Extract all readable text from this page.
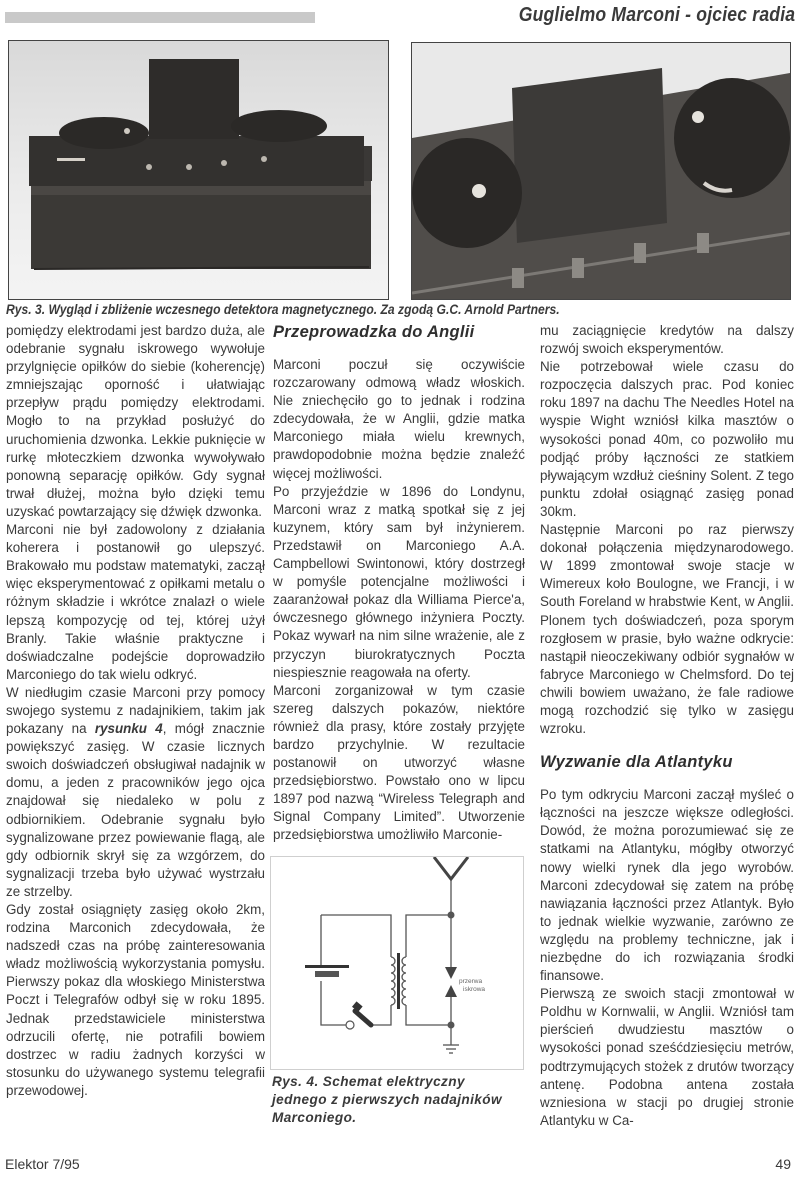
Guglielmo Marconi - ojciec radia
Rys. 3. Wygląd i zbliżenie wczesnego detektora magnetycznego. Za zgodą G.C. Arnold Partners.

pomiędzy elektrodami jest bardzo duża, ale odebranie sygnału iskrowego wywołuje przylgnięcie opiłków do siebie (koherencję) zmniejszając oporność i ułatwiając przepływ prądu pomiędzy elektrodami. Mogło to na przykład posłużyć do uruchomienia dzwonka. Lekkie puknięcie w rurkę młoteczkiem dzwonka wywoływało ponowną separację opiłków. Gdy sygnał trwał dłużej, można było dzięki temu uzyskać powtarzający się dźwięk dzwonka.

Marconi nie był zadowolony z działania koherera i postanowił go ulepszyć. Brakowało mu podstaw matematyki, zaczął więc eksperymentować z opiłkami metalu o różnym składzie i wkrótce znalazł o wiele lepszą kompozycję od tej, której użył Branly. Takie właśnie praktyczne i doświadczalne podejście doprowadziło Marconiego do tak wielu odkryć.

W niedługim czasie Marconi przy pomocy swojego systemu z nadajnikiem, takim jak pokazany na rysunku 4, mógł znacznie powiększyć zasięg. W czasie licznych swoich doświadczeń obsługiwał nadajnik w domu, a jeden z pracowników jego ojca znajdował się niedaleko w polu z odbiornikiem. Odebranie sygnału było sygnalizowane przez powiewanie flagą, ale gdy odbiornik skrył się za wzgórzem, do sygnalizacji trzeba było używać wystrzału ze strzelby.

Gdy został osiągnięty zasięg około 2km, rodzina Marconich zdecydowała, że nadszedł czas na próbę zainteresowania władz możliwością wykorzystania pomysłu. Pierwszy pokaz dla włoskiego Ministerstwa Poczt i Telegrafów odbył się w roku 1895. Jednak przedstawiciele ministerstwa odrzucili ofertę, nie potrafili bowiem dostrzec w radiu żadnych korzyści w stosunku do używanego systemu telegrafii przewodowej.

Przeprowadzka do Anglii

Marconi poczuł się oczywiście rozczarowany odmową władz włoskich. Nie zniechęciło go to jednak i rodzina zdecydowała, że w Anglii, gdzie matka Marconiego miała wielu krewnych, prawdopodobnie można będzie znaleźć więcej możliwości.

Po przyjeździe w 1896 do Londynu, Marconi wraz z matką spotkał się z jej kuzynem, który sam był inżynierem. Przedstawił on Marconiego A.A. Campbellowi Swintonowi, który dostrzegł w pomyśle potencjalne możliwości i zaaranżował pokaz dla Williama Pierce'a, ówczesnego głównego inżyniera Poczty. Pokaz wywarł na nim silne wrażenie, ale z przyczyn biurokratycznych Poczta niespiesznie reagowała na oferty.

Marconi zorganizował w tym czasie szereg dalszych pokazów, niektóre również dla prasy, które zostały przyjęte bardzo przychylnie. W rezultacie postanowił on utworzyć własne przedsiębiorstwo. Powstało ono w lipcu 1897 pod nazwą “Wireless Telegraph and Signal Company Limited”. Utworzenie przedsiębiorstwa umożliwiło Marconie-

przerwa
iskrowa
Rys. 4. Schemat elektryczny jednego z pierwszych nadajników Marconiego.

mu zaciągnięcie kredytów na dalszy rozwój swoich eksperymentów.

Nie potrzebował wiele czasu do rozpoczęcia dalszych prac. Pod koniec roku 1897 na dachu The Needles Hotel na wyspie Wight wzniósł kilka masztów o wysokości ponad 40m, co pozwoliło mu podjąć próby łączności ze statkiem pływającym wzdłuż cieśniny Solent. Z tego punktu zdołał osiągnąć zasięg ponad 30km.

Następnie Marconi po raz pierwszy dokonał połączenia międzynarodowego. W 1899 zmontował swoje stacje w Wimereux koło Boulogne, we Francji, i w South Foreland w hrabstwie Kent, w Anglii. Plonem tych doświadczeń, poza sporym rozgłosem w prasie, było ważne odkrycie: nastąpił nieoczekiwany odbiór sygnałów w fabryce Marconiego w Chelmsford. Do tej chwili bowiem uważano, że fale radiowe mogą rozchodzić się tylko w zasięgu wzroku.

Wyzwanie dla Atlantyku

Po tym odkryciu Marconi zaczął myśleć o łączności na jeszcze większe odległości. Dowód, że można porozumiewać się ze statkami na Atlantyku, mógłby otworzyć nowy wielki rynek dla jego wyrobów. Marconi zdecydował się zatem na próbę nawiązania łączności przez Atlantyk. Było to jednak wielkie wyzwanie, zarówno ze względu na problemy techniczne, jak i niezbędne do ich rozwiązania środki finansowe.

Pierwszą ze swoich stacji zmontował w Poldhu w Kornwalii, w Anglii. Wzniósł tam pierścień dwudziestu masztów o wysokości ponad sześćdziesięciu metrów, podtrzymujących stożek z drutów tworzący antenę. Podobna antena została wzniesiona w stacji po drugiej stronie Atlantyku w Ca-

Elektor 7/95	49
